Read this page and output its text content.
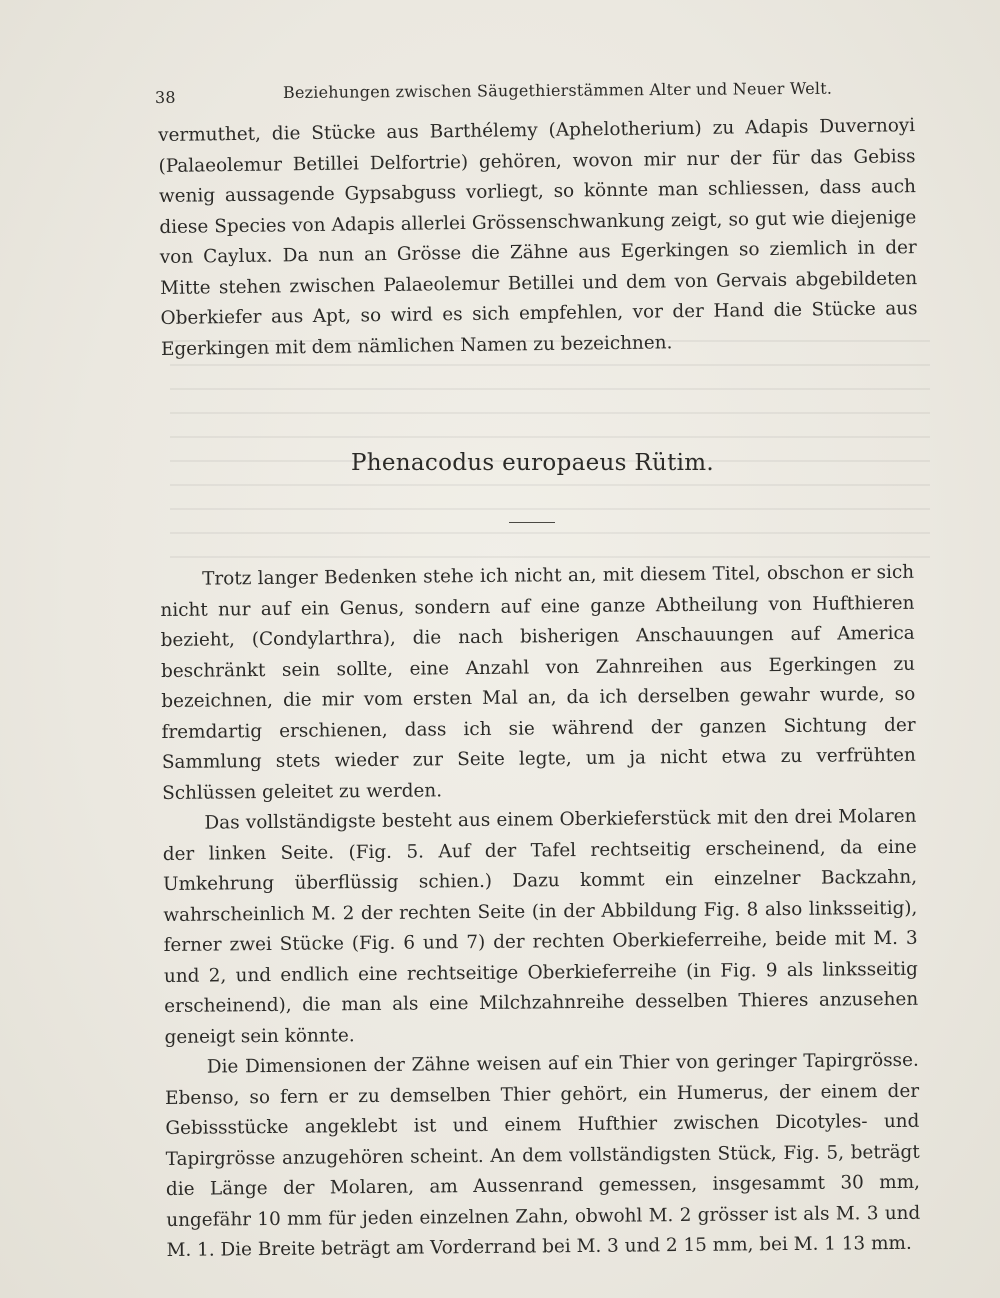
38	Beziehungen zwischen Säugethierstämmen Alter und Neuer Welt.

vermuthet, die Stücke aus Barthélemy (Aphelotherium) zu Adapis Duvernoyi (Palaeolemur Betillei Delfortrie) gehören, wovon mir nur der für das Gebiss wenig aussagende Gypsabguss vorliegt, so könnte man schliessen, dass auch diese Species von Adapis allerlei Grössenschwankung zeigt, so gut wie diejenige von Caylux. Da nun an Grösse die Zähne aus Egerkingen so ziemlich in der Mitte stehen zwischen Palaeolemur Betillei und dem von Gervais abgebildeten Oberkiefer aus Apt, so wird es sich empfehlen, vor der Hand die Stücke aus Egerkingen mit dem nämlichen Namen zu bezeichnen.

Phenacodus europaeus Rütim.

Trotz langer Bedenken stehe ich nicht an, mit diesem Titel, obschon er sich nicht nur auf ein Genus, sondern auf eine ganze Abtheilung von Hufthieren bezieht, (Condylarthra), die nach bisherigen Anschauungen auf America beschränkt sein sollte, eine Anzahl von Zahnreihen aus Egerkingen zu bezeichnen, die mir vom ersten Mal an, da ich derselben gewahr wurde, so fremdartig erschienen, dass ich sie während der ganzen Sichtung der Sammlung stets wieder zur Seite legte, um ja nicht etwa zu verfrühten Schlüssen geleitet zu werden.

Das vollständigste besteht aus einem Oberkieferstück mit den drei Molaren der linken Seite. (Fig. 5. Auf der Tafel rechtseitig erscheinend, da eine Umkehrung überflüssig schien.) Dazu kommt ein einzelner Backzahn, wahrscheinlich M. 2 der rechten Seite (in der Abbildung Fig. 8 also linksseitig), ferner zwei Stücke (Fig. 6 und 7) der rechten Oberkieferreihe, beide mit M. 3 und 2, und endlich eine rechtseitige Oberkieferreihe (in Fig. 9 als linksseitig erscheinend), die man als eine Milchzahnreihe desselben Thieres anzusehen geneigt sein könnte.

Die Dimensionen der Zähne weisen auf ein Thier von geringer Tapirgrösse. Ebenso, so fern er zu demselben Thier gehört, ein Humerus, der einem der Gebissstücke angeklebt ist und einem Hufthier zwischen Dicotyles- und Tapirgrösse anzugehören scheint. An dem vollständigsten Stück, Fig. 5, beträgt die Länge der Molaren, am Aussenrand gemessen, insgesammt 30 mm, ungefähr 10 mm für jeden einzelnen Zahn, obwohl M. 2 grösser ist als M. 3 und M. 1. Die Breite beträgt am Vorderrand bei M. 3 und 2 15 mm, bei M. 1 13 mm.
